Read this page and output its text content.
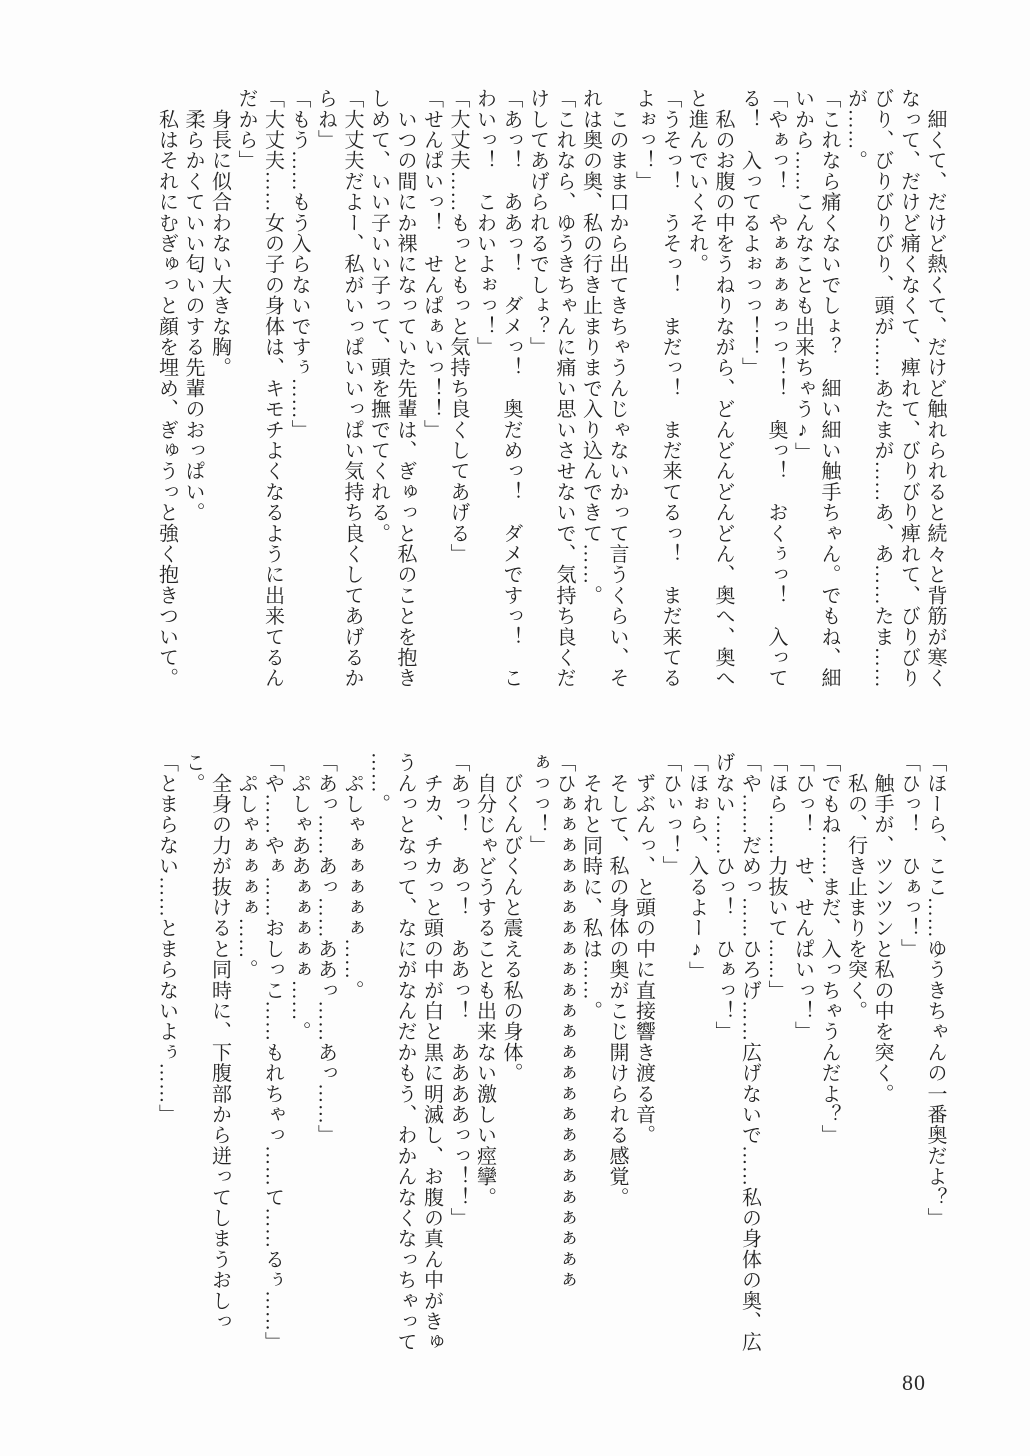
　細くて、だけど熱くて、だけど触れられると続々と背筋が寒く

なって、だけど痛くなくて、痺れて、びりびり痺れて、びりびり

びり、びりびりびり、頭が……あたまが……あ、あ……たま……

が……。

「これなら痛くないでしょ？　細い細い触手ちゃん。でもね、細

いから……こんなことも出来ちゃう♪」

「やぁっ！　やぁぁぁぁっっ！！　奥っ！　おくぅっ！　入って

る！　入ってるよぉっっ！！」

　私のお腹の中をうねりながら、どんどんどんどん、奥へ、奥へ

と進んでいくそれ。

「うそっ！　うそっ！　まだっ！　まだ来てるっ！　まだ来てる

よぉっ！」

　このまま口から出てきちゃうんじゃないかって言うくらい、そ

れは奥の奥、私の行き止まりまで入り込んできて……。

「これなら、ゆうきちゃんに痛い思いさせないで、気持ち良くだ

けしてあげられるでしょ？」

「あっ！　ああっ！　ダメっ！　奥だめっ！　ダメですっ！　こ

わいっ！　こわいよぉっ！」

「大丈夫……もっともっと気持ち良くしてあげる」

「せんぱいっ！　せんぱぁいっ！！」

　いつの間にか裸になっていた先輩は、ぎゅっと私のことを抱き

しめて、いい子いい子って、頭を撫でてくれる。

「大丈夫だよー、私がいっぱいいっぱい気持ち良くしてあげるか

らね」

「もう……もう入らないですぅ……」

「大丈夫……女の子の身体は、キモチよくなるように出来てるん

だから」

　身長に似合わない大きな胸。

　柔らかくていい匂いのする先輩のおっぱい。

　私はそれにむぎゅっと顔を埋め、ぎゅうっと強く抱きついて。

「ほーら、ここ……ゆうきちゃんの一番奥だよ？」

「ひっ！　ひぁっ！」

　触手が、ツンツンと私の中を突く。

　私の、行き止まりを突く。

「でもね……まだ、入っちゃうんだよ？」

「ひっ！　せ、せんぱいっ！」

「ほら……力抜いて……」

「や……だめっ……ひろげ……広げないで……私の身体の奥、広

げない……ひっ！　ひぁっ！」

「ほぉら、入るよー♪」

「ひぃっ！」

　ずぶんっ、と頭の中に直接響き渡る音。

　そして、私の身体の奥がこじ開けられる感覚。

　それと同時に、私は……。

「ひぁぁぁぁぁぁぁぁぁぁぁぁぁぁぁぁぁぁぁぁぁぁぁぁ

ぁっっ！」

　びくんびくんと震える私の身体。

　自分じゃどうすることも出来ない激しい痙攣。

「あっ！　あっ！　ああっ！　ああああっっ！！」

　チカ、チカっと頭の中が白と黒に明滅し、お腹の真ん中がきゅ

うんっとなって、なにがなんだかもう、わかんなくなっちゃって

……。

　ぷしゃぁぁぁぁぁ……。

「あっ……あっ……ああっ……あっ……」

　ぷしゃああぁぁぁぁぁ……。

「や……やぁ……おしっこ……もれちゃっ……て……るぅ……」

　ぷしゃぁぁぁぁ……。

　全身の力が抜けると同時に、下腹部から迸ってしまうおしっ

こ。

「とまらない……とまらないよぅ……」

80
